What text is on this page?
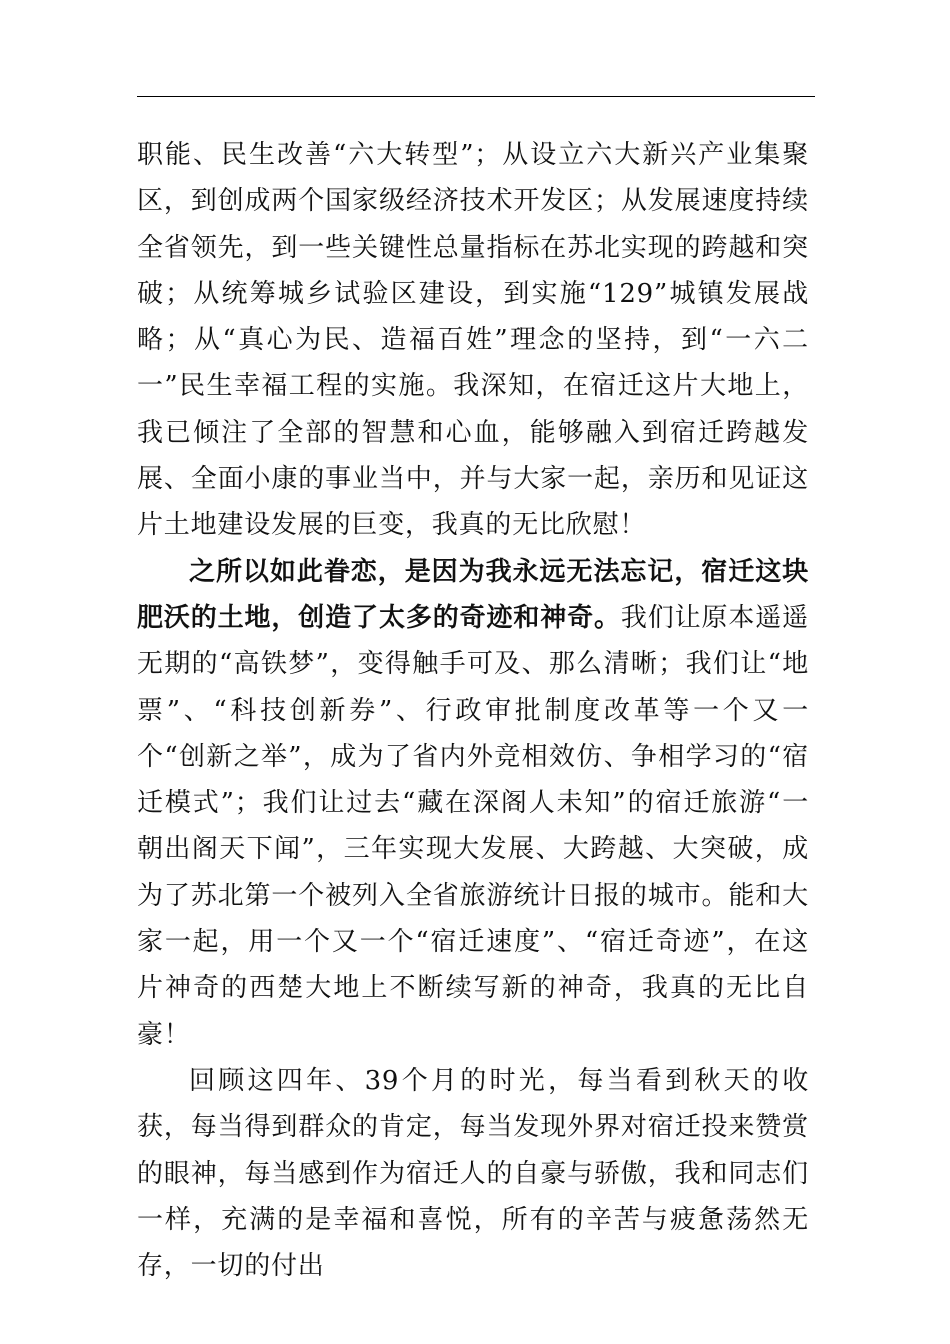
职能、民生改善“六大转型”；从设立六大新兴产业集聚区，到创成两个国家级经济技术开发区；从发展速度持续全省领先，到一些关键性总量指标在苏北实现的跨越和突破；从统筹城乡试验区建设，到实施“129”城镇发展战略；从“真心为民、造福百姓”理念的坚持，到“一六二一”民生幸福工程的实施。我深知，在宿迁这片大地上，我已倾注了全部的智慧和心血，能够融入到宿迁跨越发展、全面小康的事业当中，并与大家一起，亲历和见证这片土地建设发展的巨变，我真的无比欣慰！

之所以如此眷恋，是因为我永远无法忘记，宿迁这块肥沃的土地，创造了太多的奇迹和神奇。我们让原本遥遥无期的“高铁梦”，变得触手可及、那么清晰；我们让“地票”、“科技创新券”、行政审批制度改革等一个又一个“创新之举”，成为了省内外竞相效仿、争相学习的“宿迁模式”；我们让过去“藏在深阁人未知”的宿迁旅游“一朝出阁天下闻”，三年实现大发展、大跨越、大突破，成为了苏北第一个被列入全省旅游统计日报的城市。能和大家一起，用一个又一个“宿迁速度”、“宿迁奇迹”，在这片神奇的西楚大地上不断续写新的神奇，我真的无比自豪！

回顾这四年、39个月的时光，每当看到秋天的收获，每当得到群众的肯定，每当发现外界对宿迁投来赞赏的眼神，每当感到作为宿迁人的自豪与骄傲，我和同志们一样，充满的是幸福和喜悦，所有的辛苦与疲惫荡然无存，一切的付出
